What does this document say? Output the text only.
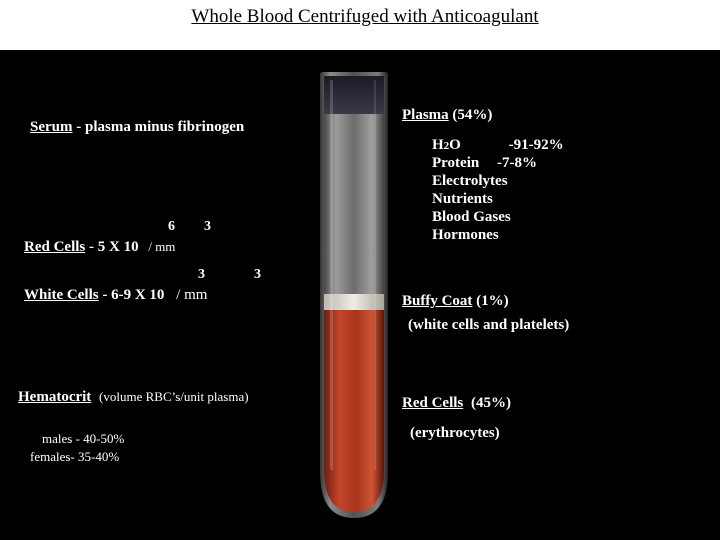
Whole Blood Centrifuged with Anticoagulant
Serum - plasma minus fibrinogen
6 3
Red Cells - 5 X 10 / mm
3	3
White Cells - 6-9 X 10 / mm
Hematocrit (volume RBC’s/unit plasma)
males - 40-50%
females- 35-40%
Plasma (54%)
H2O	-91-92%
Protein -7-8%
Electrolytes
Nutrients
Blood Gases
Hormones
Buffy Coat (1%)
(white cells and platelets)
Red Cells (45%)
(erythrocytes)
